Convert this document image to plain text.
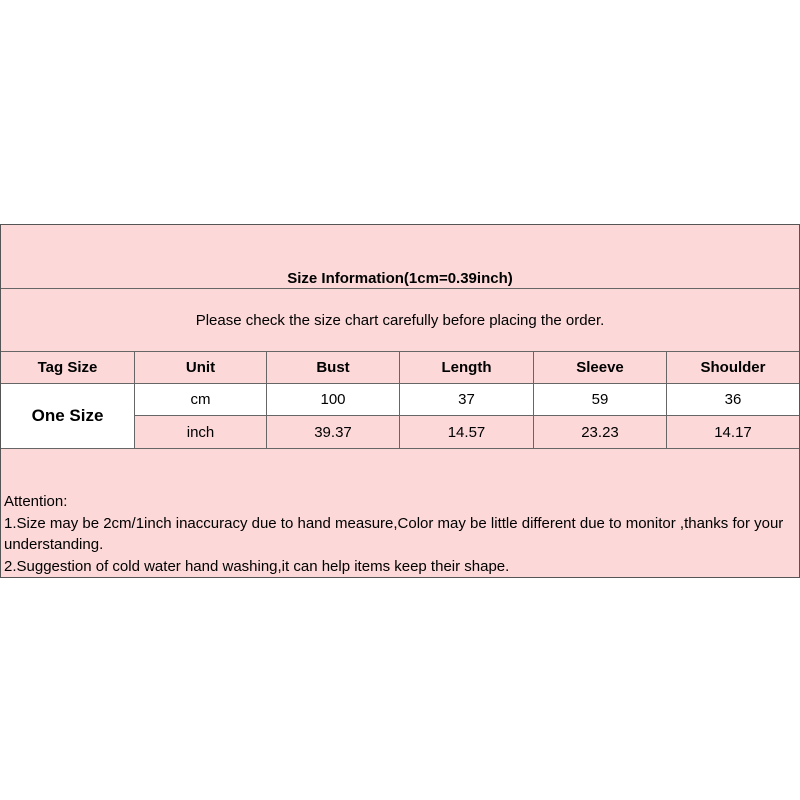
Size Information(1cm=0.39inch)
Please check the size chart carefully before placing the order.
Tag Size	Unit	Bust	Length	Sleeve	Shoulder
One Size
cm	100	37	59	36
inch	39.37	14.57	23.23	14.17
Attention:
1.Size may be 2cm/1inch inaccuracy due to hand measure,Color may be little different due to monitor ,thanks for your understanding.
2.Suggestion of cold water hand washing,it can help items keep their shape.
